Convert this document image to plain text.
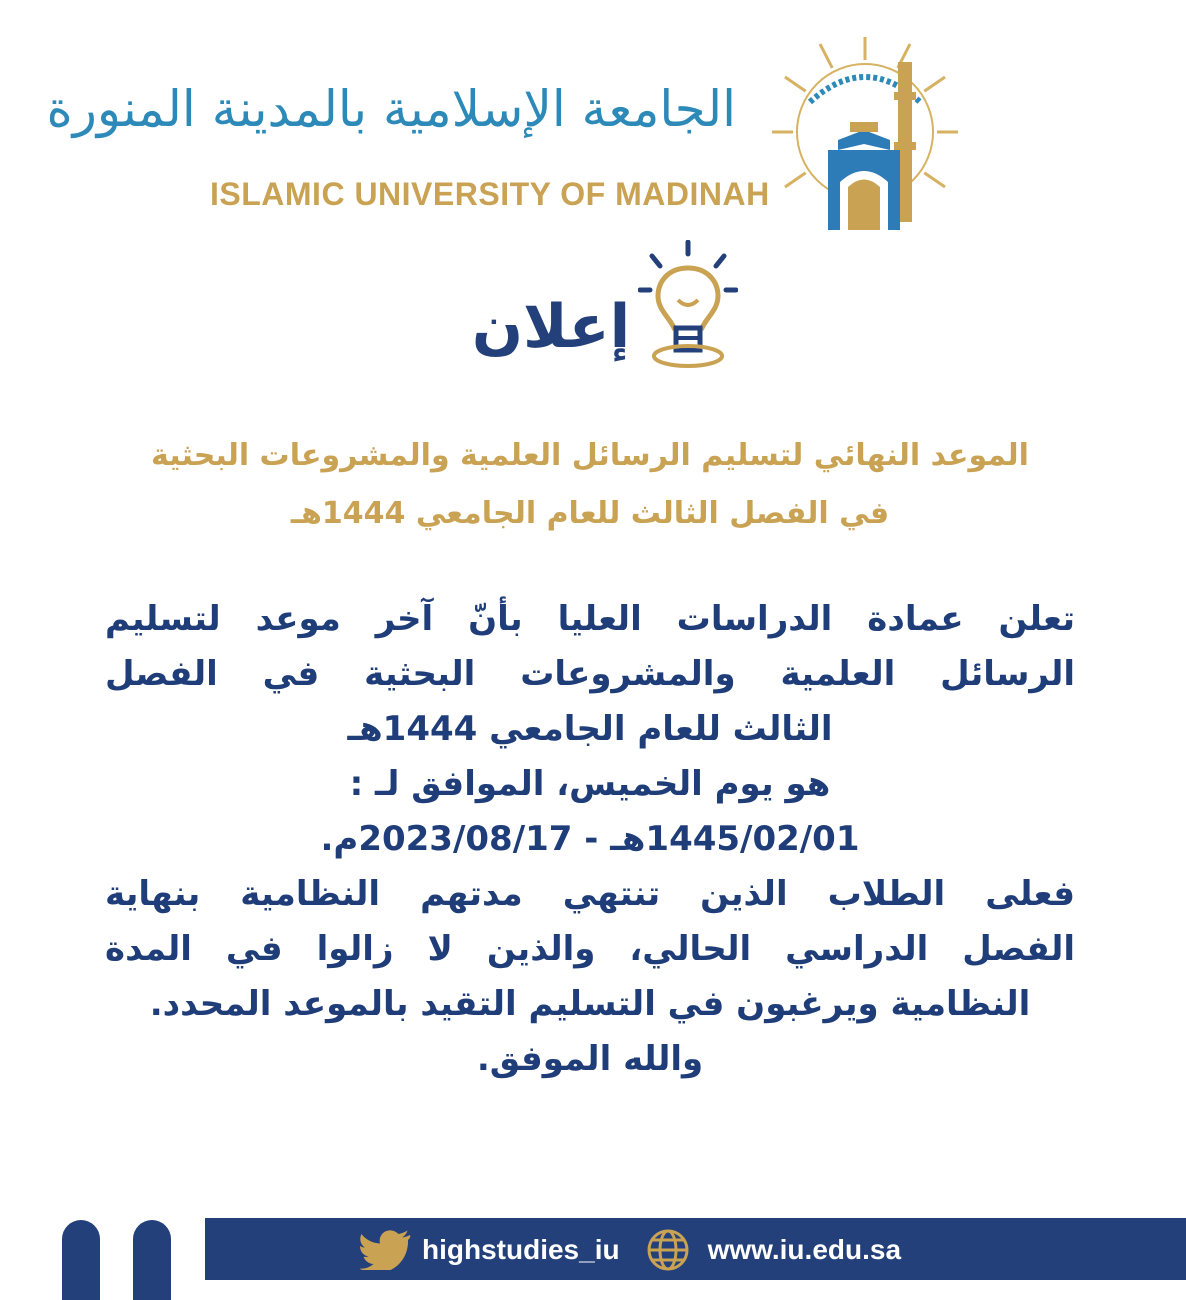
الجامعة الإسلامية بالمدينة المنورة
ISLAMIC UNIVERSITY OF MADINAH
إعلان
الموعد النهائي لتسليم الرسائل العلمية والمشروعات البحثية
في الفصل الثالث للعام الجامعي 1444هـ
تعلن عمادة الدراسات العليا بأنّ آخر موعد لتسليم
الرسائل العلمية والمشروعات البحثية في الفصل
الثالث للعام الجامعي 1444هـ
هو يوم الخميس، الموافق لـ :
1445/02/01هـ - 2023/08/17م.
فعلى الطلاب الذين تنتهي مدتهم النظامية بنهاية
الفصل الدراسي الحالي، والذين لا زالوا في المدة
النظامية ويرغبون في التسليم التقيد بالموعد المحدد.
والله الموفق.
highstudies_iu	www.iu.edu.sa
